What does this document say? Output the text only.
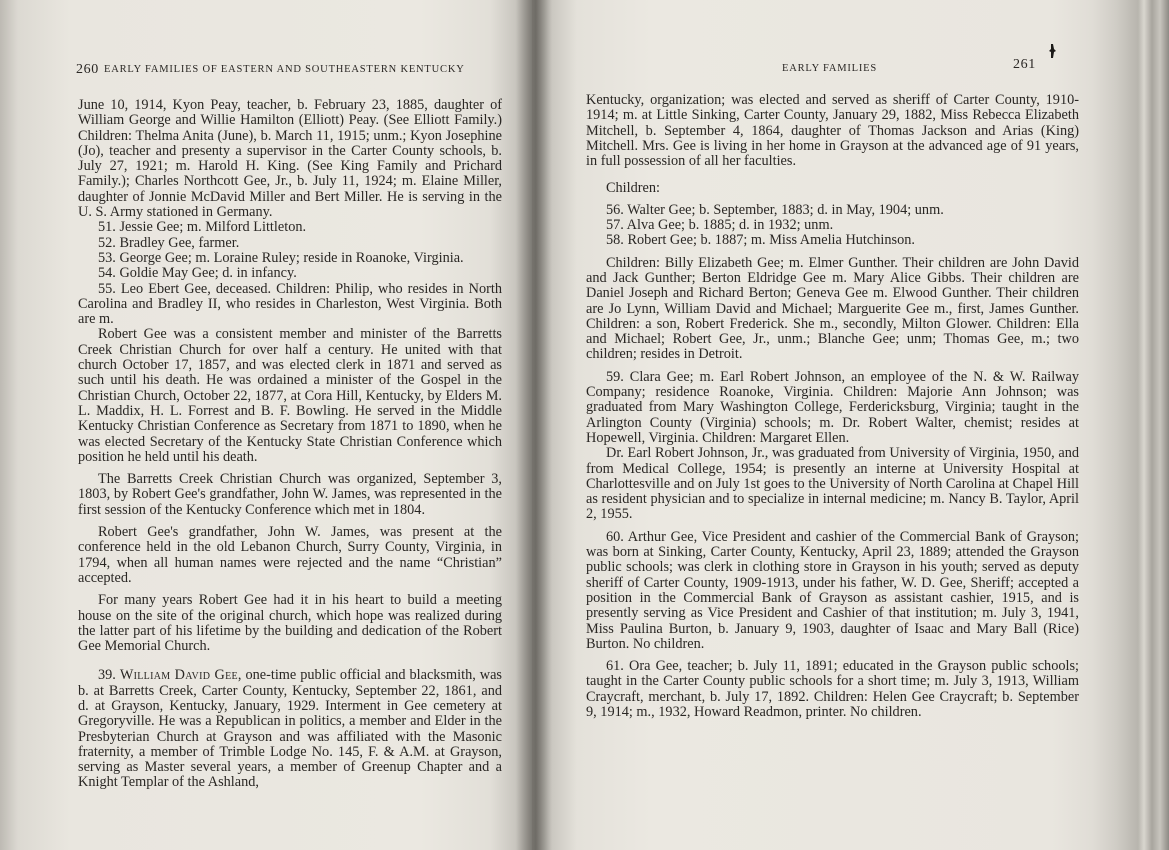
260 EARLY FAMILIES OF EASTERN AND SOUTHEASTERN KENTUCKY

June 10, 1914, Kyon Peay, teacher, b. February 23, 1885, daughter of William George and Willie Hamilton (Elliott) Peay. (See Elliott Family.) Children: Thelma Anita (June), b. March 11, 1915; unm.; Kyon Josephine (Jo), teacher and presenty a supervisor in the Carter County schools, b. July 27, 1921; m. Harold H. King. (See King Family and Prichard Family.); Charles Northcott Gee, Jr., b. July 11, 1924; m. Elaine Miller, daughter of Jonnie McDavid Miller and Bert Miller. He is serving in the U. S. Army stationed in Germany.

51. Jessie Gee; m. Milford Littleton.

52. Bradley Gee, farmer.

53. George Gee; m. Loraine Ruley; reside in Roanoke, Virginia.

54. Goldie May Gee; d. in infancy.

55. Leo Ebert Gee, deceased. Children: Philip, who resides in North Carolina and Bradley II, who resides in Charleston, West Virginia. Both are m.

Robert Gee was a consistent member and minister of the Barretts Creek Christian Church for over half a century. He united with that church October 17, 1857, and was elected clerk in 1871 and served as such until his death. He was ordained a minister of the Gospel in the Christian Church, October 22, 1877, at Cora Hill, Kentucky, by Elders M. L. Maddix, H. L. Forrest and B. F. Bowling. He served in the Middle Kentucky Christian Conference as Secretary from 1871 to 1890, when he was elected Secretary of the Kentucky State Christian Conference which position he held until his death.

The Barretts Creek Christian Church was organized, September 3, 1803, by Robert Gee's grandfather, John W. James, was represented in the first session of the Kentucky Conference which met in 1804.

Robert Gee's grandfather, John W. James, was present at the conference held in the old Lebanon Church, Surry County, Virginia, in 1794, when all human names were rejected and the name “Christian” accepted.

For many years Robert Gee had it in his heart to build a meeting house on the site of the original church, which hope was realized during the latter part of his lifetime by the building and dedication of the Robert Gee Memorial Church.

39. William David Gee, one-time public official and blacksmith, was b. at Barretts Creek, Carter County, Kentucky, September 22, 1861, and d. at Grayson, Kentucky, January, 1929. Interment in Gee cemetery at Gregoryville. He was a Republican in politics, a member and Elder in the Presbyterian Church at Grayson and was affiliated with the Masonic fraternity, a member of Trimble Lodge No. 145, F. & A.M. at Grayson, serving as Master several years, a member of Greenup Chapter and a Knight Templar of the Ashland,

EARLY FAMILIES	261

Kentucky, organization; was elected and served as sheriff of Carter County, 1910-1914; m. at Little Sinking, Carter County, January 29, 1882, Miss Rebecca Elizabeth Mitchell, b. September 4, 1864, daughter of Thomas Jackson and Arias (King) Mitchell. Mrs. Gee is living in her home in Grayson at the advanced age of 91 years, in full possession of all her faculties.

Children:

56. Walter Gee; b. September, 1883; d. in May, 1904; unm.

57. Alva Gee; b. 1885; d. in 1932; unm.

58. Robert Gee; b. 1887; m. Miss Amelia Hutchinson.

Children: Billy Elizabeth Gee; m. Elmer Gunther. Their children are John David and Jack Gunther; Berton Eldridge Gee m. Mary Alice Gibbs. Their children are Daniel Joseph and Richard Berton; Geneva Gee m. Elwood Gunther. Their children are Jo Lynn, William David and Michael; Marguerite Gee m., first, James Gunther. Children: a son, Robert Frederick. She m., secondly, Milton Glower. Children: Ella and Michael; Robert Gee, Jr., unm.; Blanche Gee; unm; Thomas Gee, m.; two children; resides in Detroit.

59. Clara Gee; m. Earl Robert Johnson, an employee of the N. & W. Railway Company; residence Roanoke, Virginia. Children: Majorie Ann Johnson; was graduated from Mary Washington College, Ferdericksburg, Virginia; taught in the Arlington County (Virginia) schools; m. Dr. Robert Walter, chemist; resides at Hopewell, Virginia. Children: Margaret Ellen.

Dr. Earl Robert Johnson, Jr., was graduated from University of Virginia, 1950, and from Medical College, 1954; is presently an interne at University Hospital at Charlottesville and on July 1st goes to the University of North Carolina at Chapel Hill as resident physician and to specialize in internal medicine; m. Nancy B. Taylor, April 2, 1955.

60. Arthur Gee, Vice President and cashier of the Commercial Bank of Grayson; was born at Sinking, Carter County, Kentucky, April 23, 1889; attended the Grayson public schools; was clerk in clothing store in Grayson in his youth; served as deputy sheriff of Carter County, 1909-1913, under his father, W. D. Gee, Sheriff; accepted a position in the Commercial Bank of Grayson as assistant cashier, 1915, and is presently serving as Vice President and Cashier of that institution; m. July 3, 1941, Miss Paulina Burton, b. January 9, 1903, daughter of Isaac and Mary Ball (Rice) Burton. No children.

61. Ora Gee, teacher; b. July 11, 1891; educated in the Grayson public schools; taught in the Carter County public schools for a short time; m. July 3, 1913, William Craycraft, merchant, b. July 17, 1892. Children: Helen Gee Craycraft; b. September 9, 1914; m., 1932, Howard Readmon, printer. No children.
